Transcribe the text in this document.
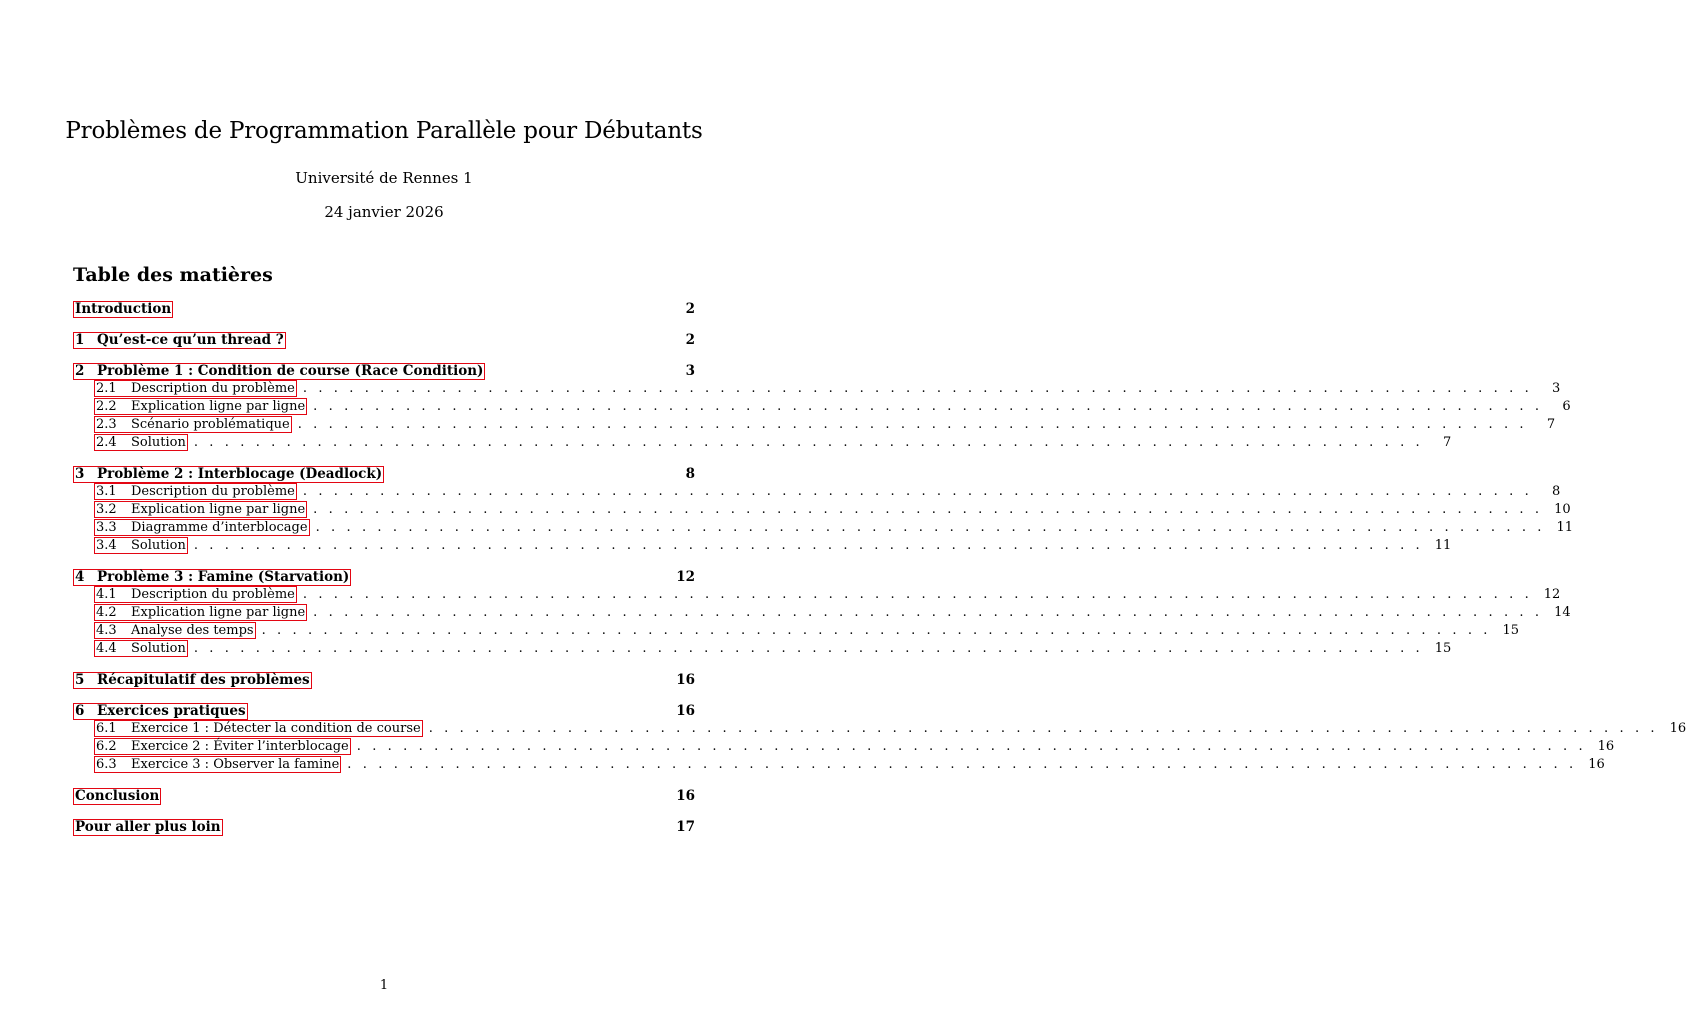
Problèmes de Programmation Parallèle pour Débutants
Université de Rennes 1
24 janvier 2026
Table des matières
Introduction	2
1 Qu’est-ce qu’un thread ?	2
2 Problème 1 : Condition de course (Race Condition)	3
2.1	Description du problème . . . . . . . . . . . . . . . . . . . . . . . . . . . . . . . . . . . . . . . . . . . . . . . . . . . . . . . . . . . . . . . . . . . . . . . . . . . . . . . .	3
2.2	Explication ligne par ligne . . . . . . . . . . . . . . . . . . . . . . . . . . . . . . . . . . . . . . . . . . . . . . . . . . . . . . . . . . . . . . . . . . . . . . . . . . . . . . . .	6
2.3	Scénario problématique . . . . . . . . . . . . . . . . . . . . . . . . . . . . . . . . . . . . . . . . . . . . . . . . . . . . . . . . . . . . . . . . . . . . . . . . . . . . . . . .	7
2.4	Solution . . . . . . . . . . . . . . . . . . . . . . . . . . . . . . . . . . . . . . . . . . . . . . . . . . . . . . . . . . . . . . . . . . . . . . . . . . . . . . . .	7
3 Problème 2 : Interblocage (Deadlock)	8
3.1	Description du problème . . . . . . . . . . . . . . . . . . . . . . . . . . . . . . . . . . . . . . . . . . . . . . . . . . . . . . . . . . . . . . . . . . . . . . . . . . . . . . . .	8
3.2	Explication ligne par ligne . . . . . . . . . . . . . . . . . . . . . . . . . . . . . . . . . . . . . . . . . . . . . . . . . . . . . . . . . . . . . . . . . . . . . . . . . . . . . . . . 10
3.3	Diagramme d’interblocage . . . . . . . . . . . . . . . . . . . . . . . . . . . . . . . . . . . . . . . . . . . . . . . . . . . . . . . . . . . . . . . . . . . . . . . . . . . . . . . . 11
3.4	Solution . . . . . . . . . . . . . . . . . . . . . . . . . . . . . . . . . . . . . . . . . . . . . . . . . . . . . . . . . . . . . . . . . . . . . . . . . . . . . . . . 11
4 Problème 3 : Famine (Starvation)	12
4.1	Description du problème . . . . . . . . . . . . . . . . . . . . . . . . . . . . . . . . . . . . . . . . . . . . . . . . . . . . . . . . . . . . . . . . . . . . . . . . . . . . . . . . 12
4.2	Explication ligne par ligne . . . . . . . . . . . . . . . . . . . . . . . . . . . . . . . . . . . . . . . . . . . . . . . . . . . . . . . . . . . . . . . . . . . . . . . . . . . . . . . . 14
4.3	Analyse des temps . . . . . . . . . . . . . . . . . . . . . . . . . . . . . . . . . . . . . . . . . . . . . . . . . . . . . . . . . . . . . . . . . . . . . . . . . . . . . . . . 15
4.4	Solution . . . . . . . . . . . . . . . . . . . . . . . . . . . . . . . . . . . . . . . . . . . . . . . . . . . . . . . . . . . . . . . . . . . . . . . . . . . . . . . . 15
5 Récapitulatif des problèmes	16
6 Exercices pratiques	16
6.1	Exercice 1 : Détecter la condition de course . . . . . . . . . . . . . . . . . . . . . . . . . . . . . . . . . . . . . . . . . . . . . . . . . . . . . . . . . . . . . . . . . . . . . . . . . . . . . . . . 16
6.2	Exercice 2 : Éviter l’interblocage . . . . . . . . . . . . . . . . . . . . . . . . . . . . . . . . . . . . . . . . . . . . . . . . . . . . . . . . . . . . . . . . . . . . . . . . . . . . . . . . 16
6.3	Exercice 3 : Observer la famine . . . . . . . . . . . . . . . . . . . . . . . . . . . . . . . . . . . . . . . . . . . . . . . . . . . . . . . . . . . . . . . . . . . . . . . . . . . . . . . . 16
Conclusion	16
Pour aller plus loin	17
1
